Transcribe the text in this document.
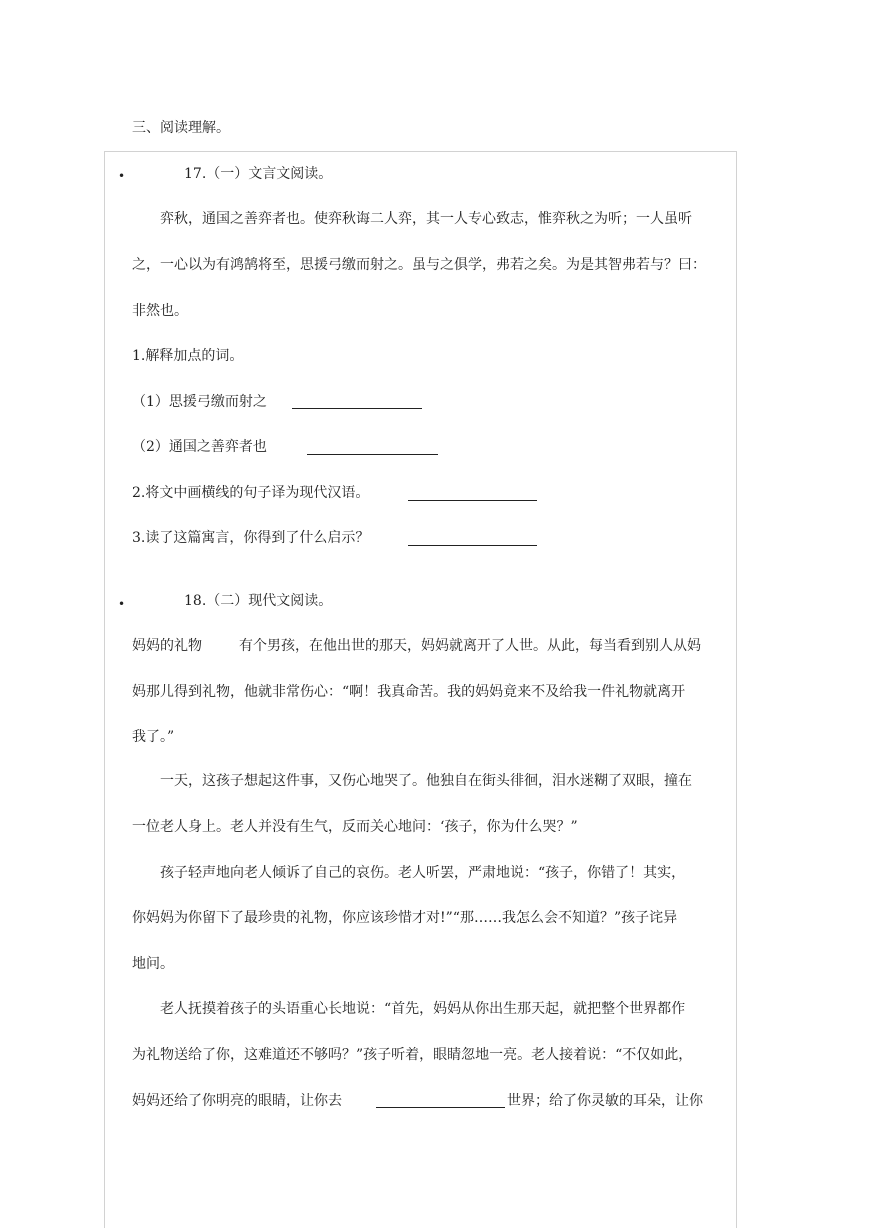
三、阅读理解。
•	17.（一）文言文阅读。
弈秋，通国之善弈者也。使弈秋诲二人弈，其一人专心致志，惟弈秋之为听；一人虽听
之，一心以为有鸿鹄将至，思援弓缴而射之。虽与之俱学，弗若之矣。为是其智弗若与？曰：
非然也。
1.解释加点的词。
（1）思援弓缴而射之
（2）通国之善弈者也
2.将文中画横线的句子译为现代汉语。
3.读了这篇寓言，你得到了什么启示？
•	18.（二）现代文阅读。
妈妈的礼物	有个男孩，在他出世的那天，妈妈就离开了人世。从此，每当看到别人从妈
妈那儿得到礼物，他就非常伤心：“啊！我真命苦。我的妈妈竟来不及给我一件礼物就离开
我了。”
一天，这孩子想起这件事，又伤心地哭了。他独自在街头徘徊，泪水迷糊了双眼，撞在
一位老人身上。老人并没有生气，反而关心地问：‘孩子，你为什么哭？”
孩子轻声地向老人倾诉了自己的哀伤。老人听罢，严肃地说：“孩子，你错了！其实，
你妈妈为你留下了最珍贵的礼物，你应该珍惜才对!”“那……我怎么会不知道？”孩子诧异
地问。
老人抚摸着孩子的头语重心长地说：“首先，妈妈从你出生那天起，就把整个世界都作
为礼物送给了你，这难道还不够吗？”孩子听着，眼睛忽地一亮。老人接着说：“不仅如此，
妈妈还给了你明亮的眼睛，让你去	世界；给了你灵敏的耳朵，让你
